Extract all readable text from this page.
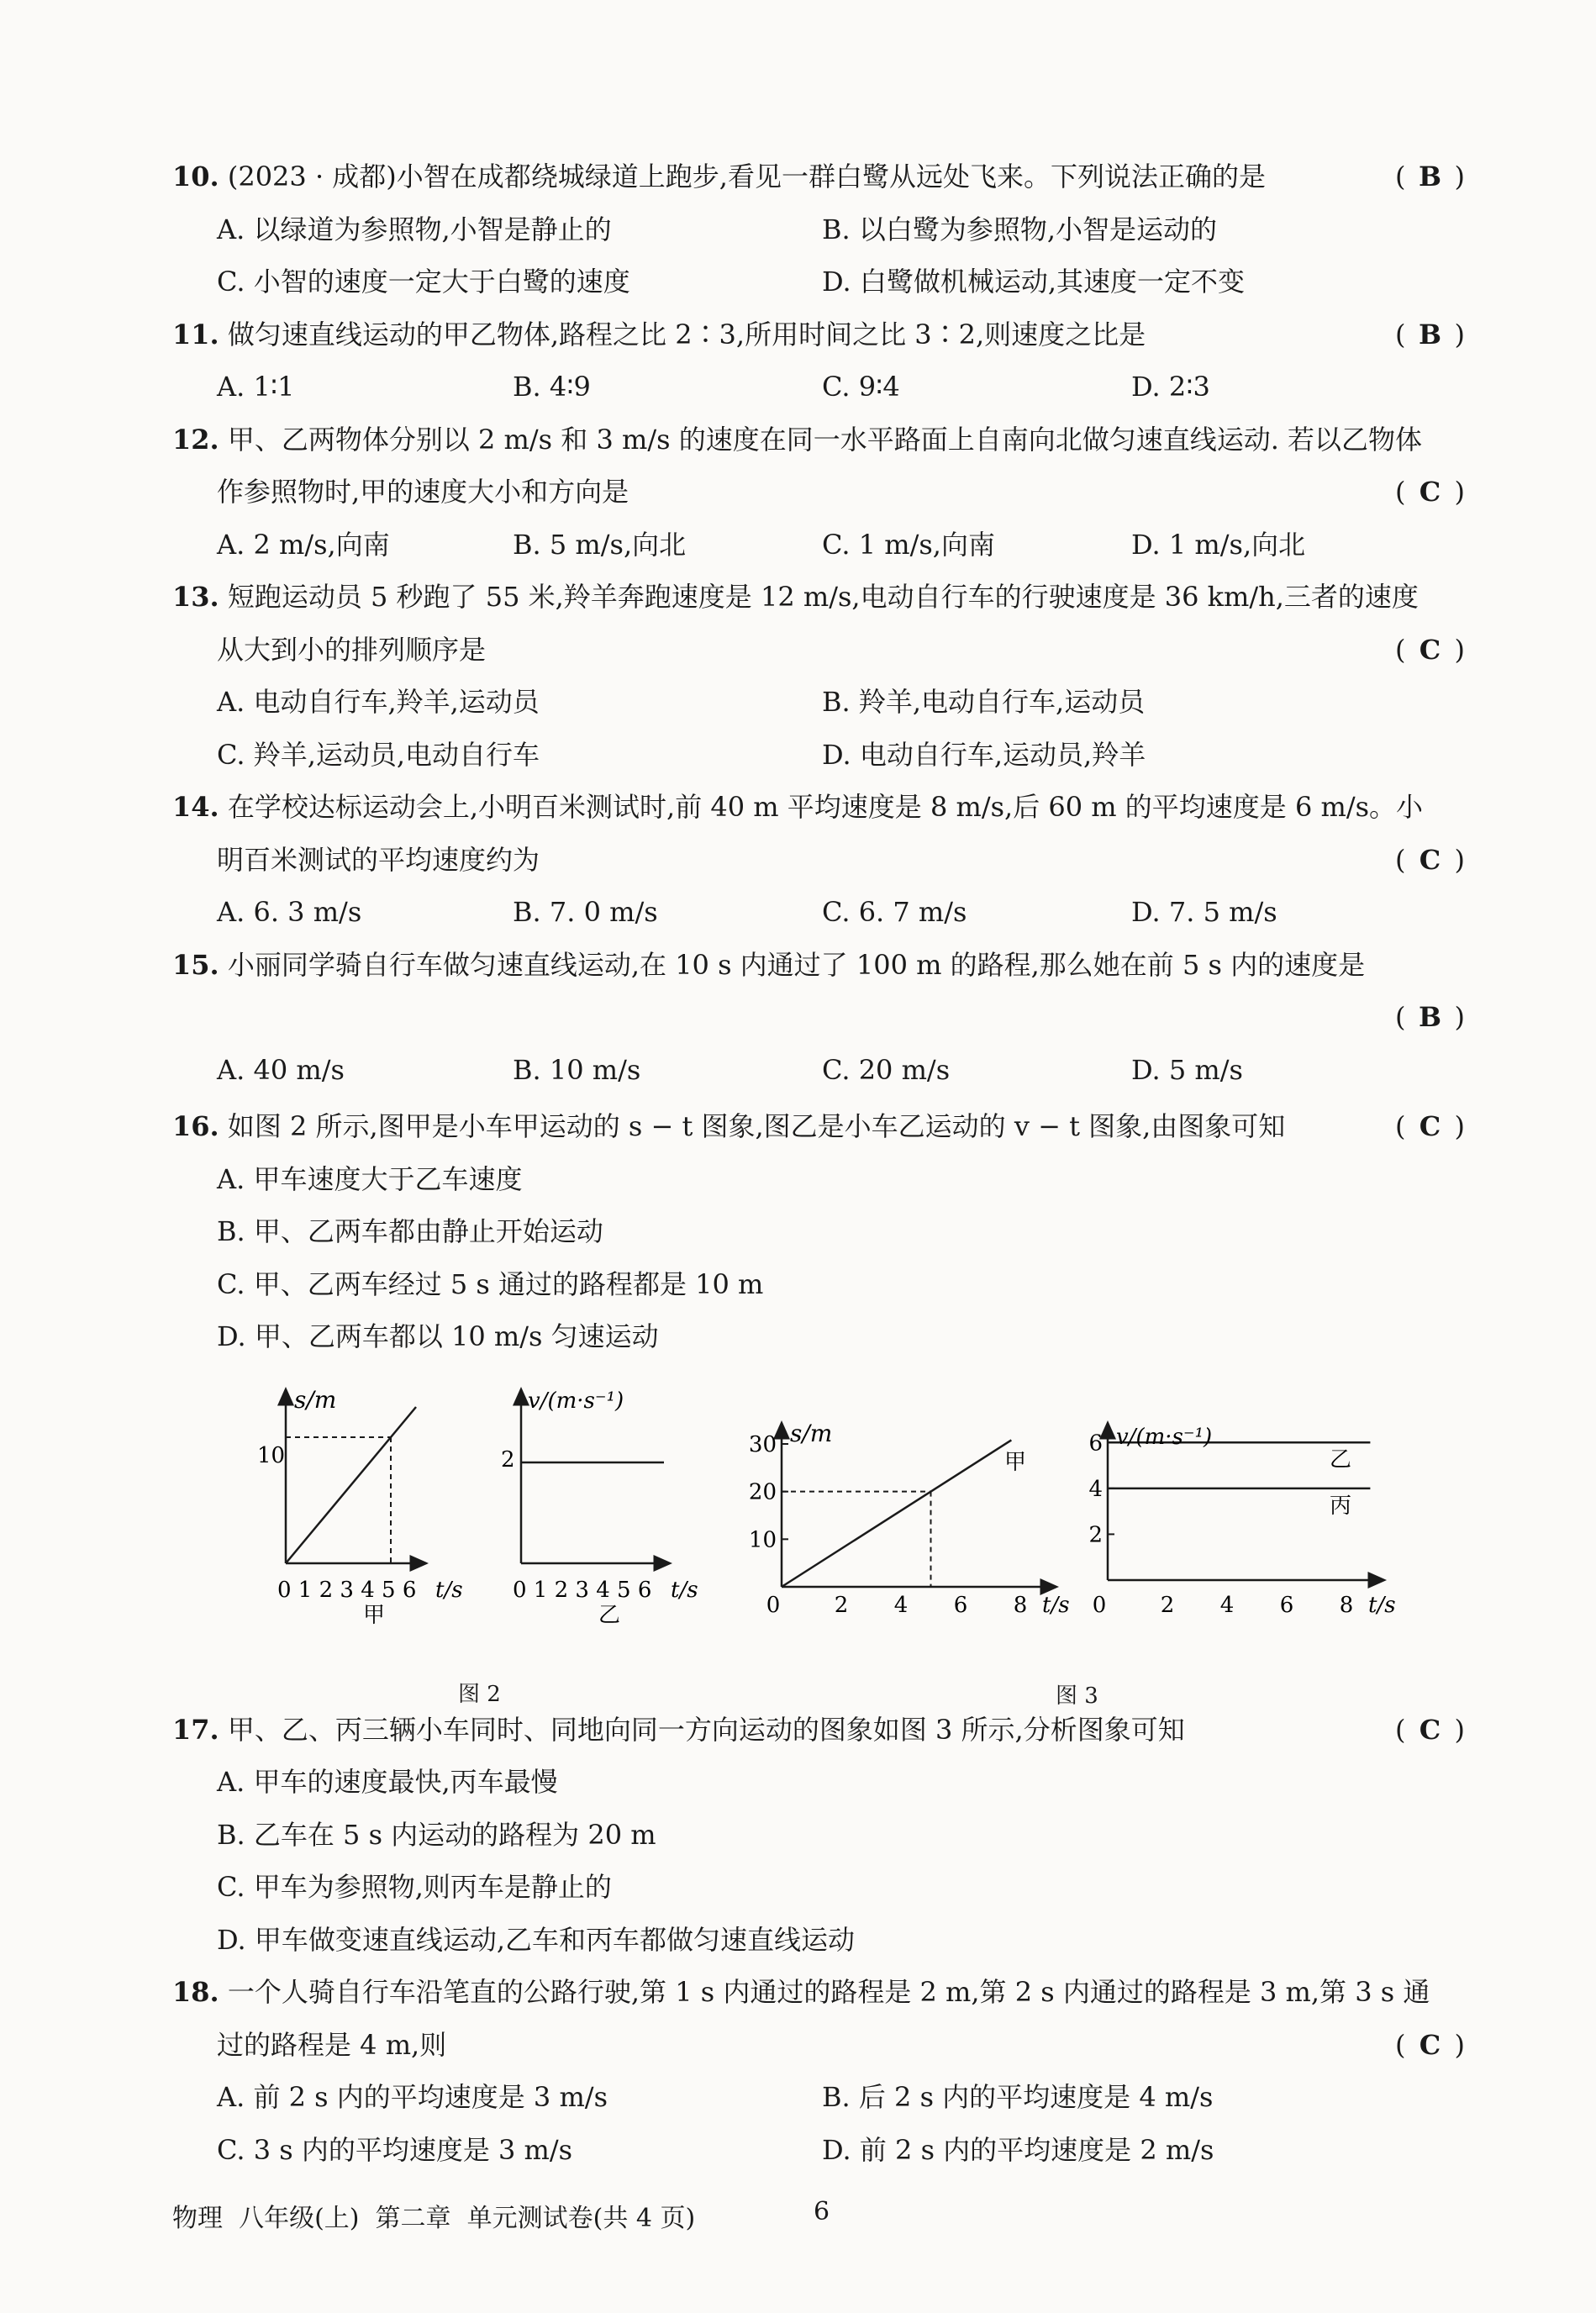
10. (2023 · 成都)小智在成都绕城绿道上跑步,看见一群白鹭从远处飞来。下列说法正确的是	( B )
A. 以绿道为参照物,小智是静止的	B. 以白鹭为参照物,小智是运动的
C. 小智的速度一定大于白鹭的速度	D. 白鹭做机械运动,其速度一定不变
11. 做匀速直线运动的甲乙物体,路程之比 2∶3,所用时间之比 3∶2,则速度之比是	( B )
A. 1∶1	B. 4∶9	C. 9∶4	D. 2∶3
12. 甲、乙两物体分别以 2 m/s 和 3 m/s 的速度在同一水平路面上自南向北做匀速直线运动. 若以乙物体
作参照物时,甲的速度大小和方向是	( C )
A. 2 m/s,向南	B. 5 m/s,向北	C. 1 m/s,向南	D. 1 m/s,向北
13. 短跑运动员 5 秒跑了 55 米,羚羊奔跑速度是 12 m/s,电动自行车的行驶速度是 36 km/h,三者的速度
从大到小的排列顺序是	( C )
A. 电动自行车,羚羊,运动员	B. 羚羊,电动自行车,运动员
C. 羚羊,运动员,电动自行车	D. 电动自行车,运动员,羚羊
14. 在学校达标运动会上,小明百米测试时,前 40 m 平均速度是 8 m/s,后 60 m 的平均速度是 6 m/s。小
明百米测试的平均速度约为	( C )
A. 6. 3 m/s	B. 7. 0 m/s	C. 6. 7 m/s	D. 7. 5 m/s
15. 小丽同学骑自行车做匀速直线运动,在 10 s 内通过了 100 m 的路程,那么她在前 5 s 内的速度是
( B )
A. 40 m/s	B. 10 m/s	C. 20 m/s	D. 5 m/s
16. 如图 2 所示,图甲是小车甲运动的 s − t 图象,图乙是小车乙运动的 v − t 图象,由图象可知	( C )
A. 甲车速度大于乙车速度
B. 甲、乙两车都由静止开始运动
C. 甲、乙两车经过 5 s 通过的路程都是 10 m
D. 甲、乙两车都以 10 m/s 匀速运动
s/m
10
0 1 2 3 4 5 6 t/s
甲
v/(m·s⁻¹)
2
0 1 2 3 4 5 6 t/s
乙
10
20
30
0 2 4 6 8
s/m
t/s
甲
2
4
6
0 2 4 6 8
v/(m·s⁻¹)
t/s
乙
丙
图 2	图 3
17. 甲、乙、丙三辆小车同时、同地向同一方向运动的图象如图 3 所示,分析图象可知	( C )
A. 甲车的速度最快,丙车最慢
B. 乙车在 5 s 内运动的路程为 20 m
C. 甲车为参照物,则丙车是静止的
D. 甲车做变速直线运动,乙车和丙车都做匀速直线运动
18. 一个人骑自行车沿笔直的公路行驶,第 1 s 内通过的路程是 2 m,第 2 s 内通过的路程是 3 m,第 3 s 通
过的路程是 4 m,则	( C )
A. 前 2 s 内的平均速度是 3 m/s	B. 后 2 s 内的平均速度是 4 m/s
C. 3 s 内的平均速度是 3 m/s	D. 前 2 s 内的平均速度是 2 m/s
物理  八年级(上)  第二章  单元测试卷(共 4 页)	6
